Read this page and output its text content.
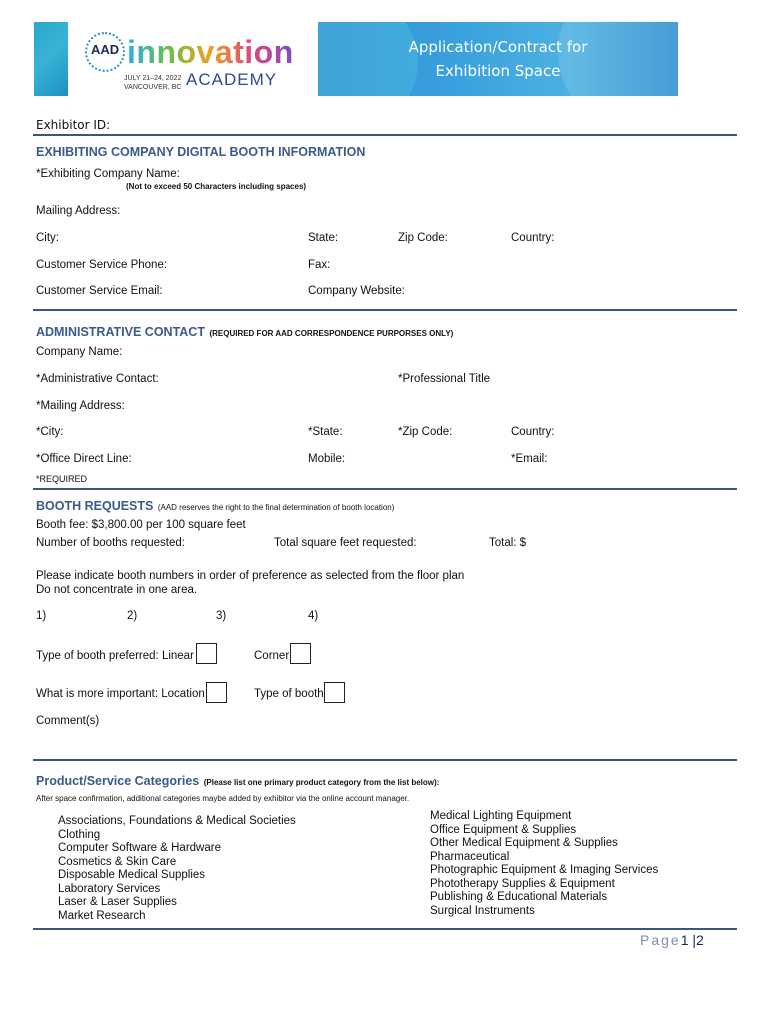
AAD innovation
JULY 21–24, 2022
VANCOUVER, BC ACADEMY
Application/Contract for
Exhibition Space
Exhibitor ID:
EXHIBITING COMPANY DIGITAL BOOTH INFORMATION
*Exhibiting Company Name:
(Not to exceed 50 Characters including spaces)
Mailing Address:
City:	State:	Zip Code:	Country:
Customer Service Phone:	Fax:
Customer Service Email:	Company Website:
ADMINISTRATIVE CONTACT (REQUIRED FOR AAD CORRESPONDENCE PURPORSES ONLY)
Company Name:
*Administrative Contact:	*Professional Title
*Mailing Address:
*City:	*State:	*Zip Code:	Country:
*Office Direct Line:	Mobile:	*Email:
*REQUIRED
BOOTH REQUESTS (AAD reserves the right to the final determination of booth location)
Booth fee: $3,800.00 per 100 square feet
Number of booths requested:	Total square feet requested:	Total: $
Please indicate booth numbers in order of preference as selected from the floor plan
Do not concentrate in one area.
1)	2)	3)	4)
Type of booth preferred: Linear	Corner
What is more important: Location	Type of booth
Comment(s)
Product/Service Categories (Please list one primary product category from the list below):
After space confirmation, additional categories maybe added by exhibitor via the online account manager.
Associations, Foundations & Medical Societies
Clothing
Computer Software & Hardware
Cosmetics & Skin Care
Disposable Medical Supplies
Laboratory Services
Laser & Laser Supplies
Market Research
Medical Lighting Equipment
Office Equipment & Supplies
Other Medical Equipment & Supplies
Pharmaceutical
Photographic Equipment & Imaging Services
Phototherapy Supplies & Equipment
Publishing & Educational Materials
Surgical Instruments
Page1 |2
